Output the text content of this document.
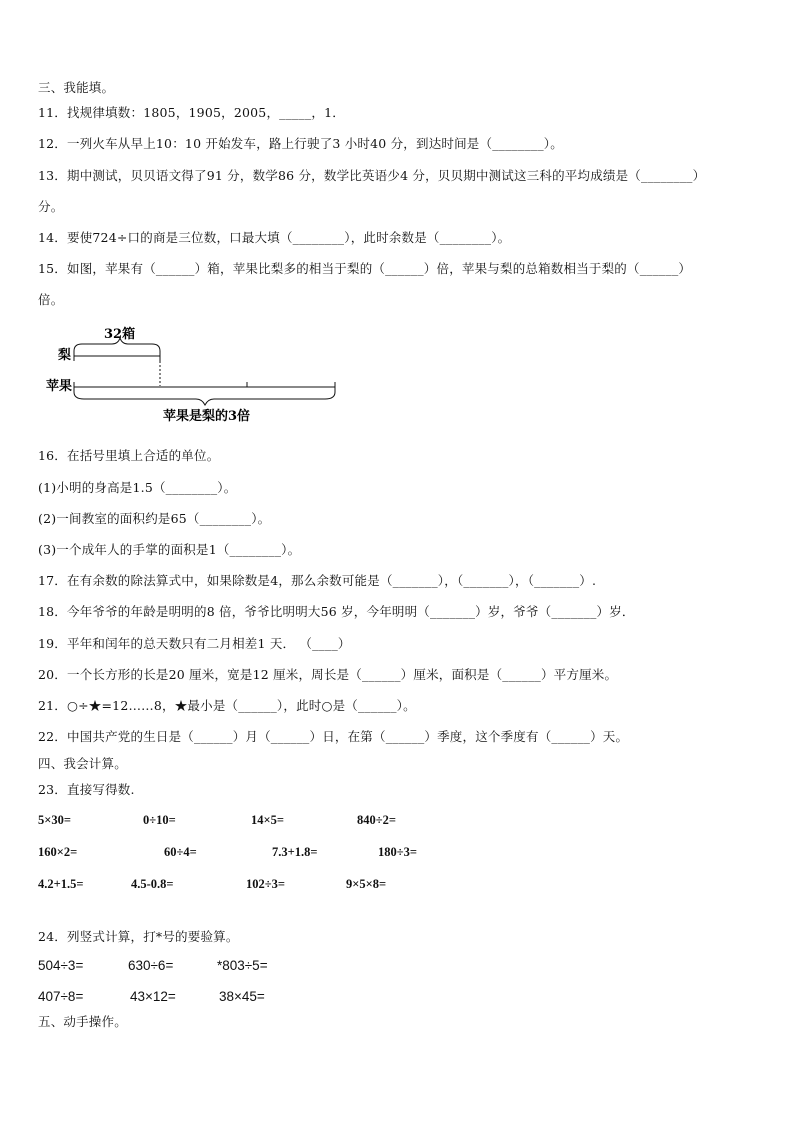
三、我能填。
11．找规律填数：1805，1905，2005，_____，1．
12．一列火车从早上10：10 开始发车，路上行驶了3 小时40 分，到达时间是（________）。
13．期中测试，贝贝语文得了91 分，数学86 分，数学比英语少4 分，贝贝期中测试这三科的平均成绩是（________）
分。
14．要使724÷口的商是三位数，口最大填（________），此时余数是（________）。
15．如图，苹果有（______）箱，苹果比梨多的相当于梨的（______）倍，苹果与梨的总箱数相当于梨的（______）
倍。
32箱
梨
苹果
苹果是梨的3倍
16．在括号里填上合适的单位。
(1)小明的身高是1.5（________）。
(2)一间教室的面积约是65（________）。
(3)一个成年人的手掌的面积是1（________）。
17．在有余数的除法算式中，如果除数是4，那么余数可能是（_______），（_______），（_______）.
18．今年爷爷的年龄是明明的8 倍，爷爷比明明大56 岁，今年明明（_______）岁，爷爷（_______）岁．
19．平年和闰年的总天数只有二月相差1 天． （____）
20．一个长方形的长是20 厘米，宽是12 厘米，周长是（______）厘米，面积是（______）平方厘米。
21．○÷★=12……8，★最小是（______），此时○是（______）。
22．中国共产党的生日是（______）月（______）日，在第（______）季度，这个季度有（______）天。
四、我会计算。
23．直接写得数.
5×30=	0÷10=	14×5=	840÷2=
160×2=	60÷4=	7.3+1.8=	180÷3=
4.2+1.5=	4.5-0.8=	102÷3=	9×5×8=
24．列竖式计算，打*号的要验算。
504÷3=	630÷6=	*803÷5=
407÷8=	43×12=	38×45=
五、动手操作。
